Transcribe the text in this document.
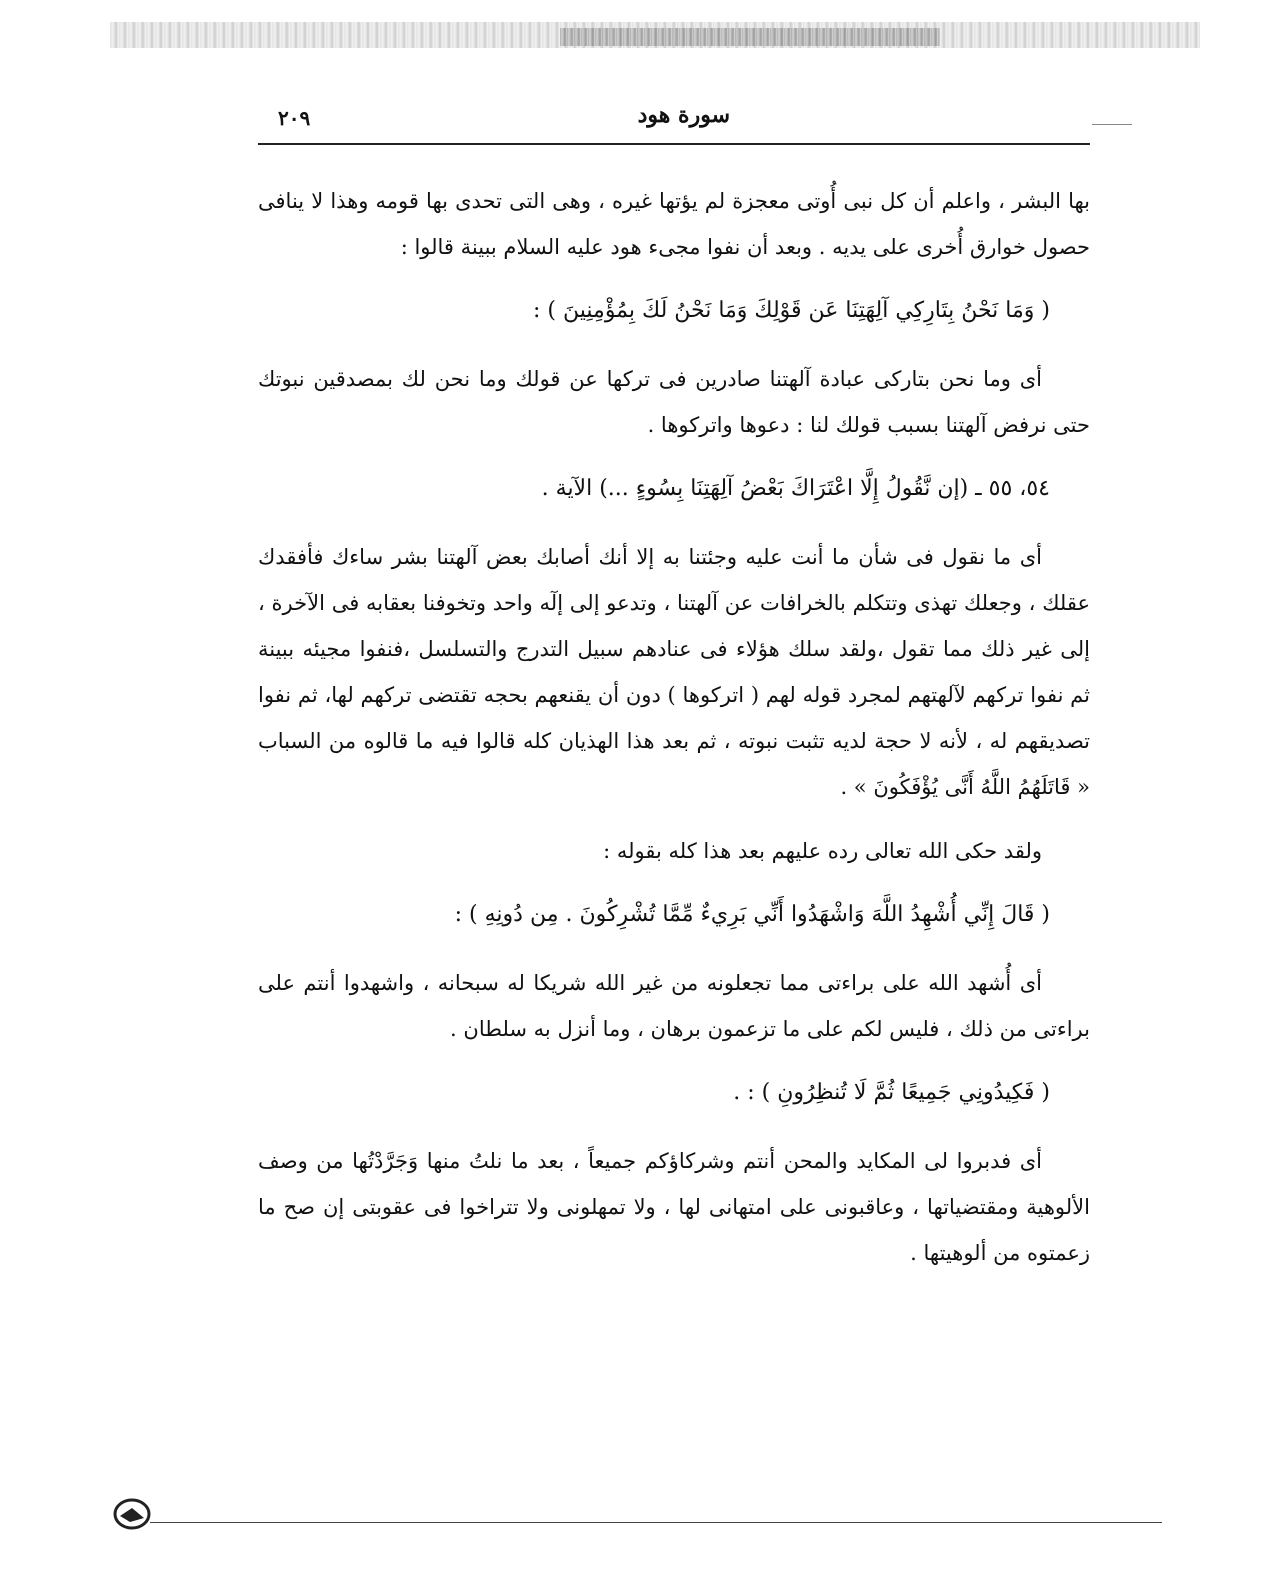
سورة هود
٢٠٩

بها البشر ، واعلم أن كل نبى أُوتى معجزة لم يؤتها غيره ، وهى التى تحدى بها قومه وهذا لا ينافى حصول خوارق أُخرى على يديه . وبعد أن نفوا مجىء هود عليه السلام ببينة قالوا :

( وَمَا نَحْنُ بِتَارِكِي آلِهَتِنَا عَن قَوْلِكَ وَمَا نَحْنُ لَكَ بِمُؤْمِنِينَ ) :

أى وما نحن بتاركى عبادة آلهتنا صادرين فى تركها عن قولك وما نحن لك بمصدقين نبوتك حتى نرفض آلهتنا بسبب قولك لنا : دعوها واتركوها .

٥٤، ٥٥ ـ (إن نَّقُولُ إِلَّا اعْتَرَاكَ بَعْضُ آلِهَتِنَا بِسُوءٍ ...) الآية .

أى ما نقول فى شأن ما أنت عليه وجئتنا به إلا أنك أصابك بعض آلهتنا بشر ساءك فأفقدك عقلك ، وجعلك تهذى وتتكلم بالخرافات عن آلهتنا ، وتدعو إلى إلٓه واحد وتخوفنا بعقابه فى الآخرة ، إلى غير ذلك مما تقول ،ولقد سلك هؤلاء فى عنادهم سبيل التدرج والتسلسل ،فنفوا مجيئه ببينة ثم نفوا تركهم لآلهتهم لمجرد قوله لهم ( اتركوها ) دون أن يقنعهم بحجه تقتضى تركهم لها، ثم نفوا تصديقهم له ، لأنه لا حجة لديه تثبت نبوته ، ثم بعد هذا الهذيان كله قالوا فيه ما قالوه من السباب « قَاتَلَهُمُ اللَّهُ أَنَّى يُؤْفَكُونَ » .

ولقد حكى الله تعالى رده عليهم بعد هذا كله بقوله :

( قَالَ إِنِّي أُشْهِدُ اللَّهَ وَاشْهَدُوا أَنِّي بَرِيءٌ مِّمَّا تُشْرِكُونَ . مِن دُونِهِ ) :

أى أُشهد الله على براءتى مما تجعلونه من غير الله شريكا له سبحانه ، واشهدوا أنتم على براءتى من ذلك ، فليس لكم على ما تزعمون برهان ، وما أنزل به سلطان .

( فَكِيدُونِي جَمِيعًا ثُمَّ لَا تُنظِرُونِ ) : .

أى فدبروا لى المكايد والمحن أنتم وشركاؤكم جميعاً ، بعد ما نلتُ منها وَجَرَّدْتُها من وصف الألوهية ومقتضياتها ، وعاقبونى على امتهانى لها ، ولا تمهلونى ولا تتراخوا فى عقوبتى إن صح ما زعمتوه من ألوهيتها .
